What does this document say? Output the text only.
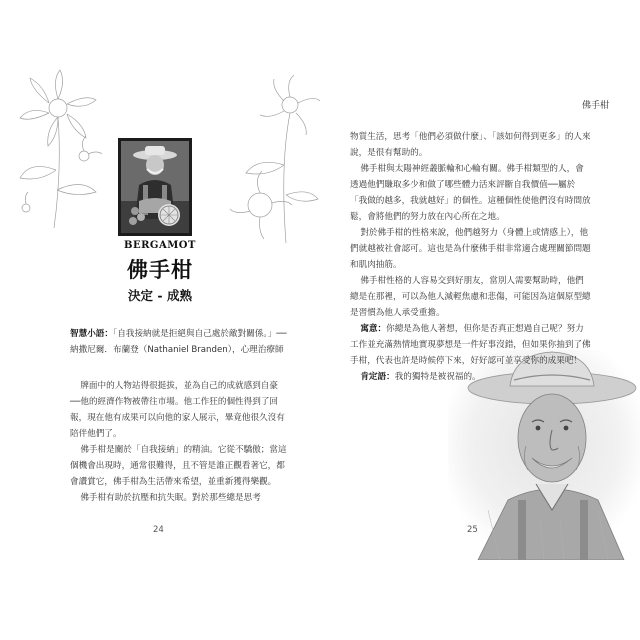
BERGAMOT
佛手柑
決定 - 成熟

智慧小語：「自我接納就是拒絕與自己處於敵對關係。」──納撒尼爾．布蘭登（Nathaniel Branden），心理治療師

牌面中的人物站得很挺拔，並為自己的成就感到自豪──他的經濟作物被帶往市場。他工作狂的個性得到了回報，現在他有成果可以向他的家人展示，畢竟他很久沒有陪伴他們了。

佛手柑是關於「自我接納」的精油。它從不驕傲；當這個機會出現時，通常很難得，且不管是誰正觀看著它，都會讚賞它，佛手柑為生活帶來希望，並重新獲得樂觀。

佛手柑有助於抗壓和抗失眠。對於那些總是思考

24
佛手柑

物質生活，思考「他們必須做什麼」、「該如何得到更多」的人來說，是很有幫助的。

佛手柑與太陽神經叢脈輪和心輪有關。佛手柑類型的人，會透過他們賺取多少和做了哪些體力活來評斷自我價值──屬於「我做的越多，我就越好」的個性。這種個性使他們沒有時間放鬆，會將他們的努力放在內心所在之地。

對於佛手柑的性格來說，他們越努力（身體上或情感上），他們就越被社會認可。這也是為什麼佛手柑非常適合處理關節問題和肌肉抽筋。

佛手柑性格的人容易交到好朋友，當別人需要幫助時，他們總是在那裡，可以為他人減輕焦慮和悲傷，可能因為這個原型總是習慣為他人承受重擔。

寓意：你總是為他人著想，但你是否真正想過自己呢？努力工作並充滿熱情地實現夢想是一件好事沒錯，但如果你抽到了佛手柑，代表也許是時候停下來，好好認可並享受你的成果吧！

肯定語：我的獨特是被祝福的。

25
